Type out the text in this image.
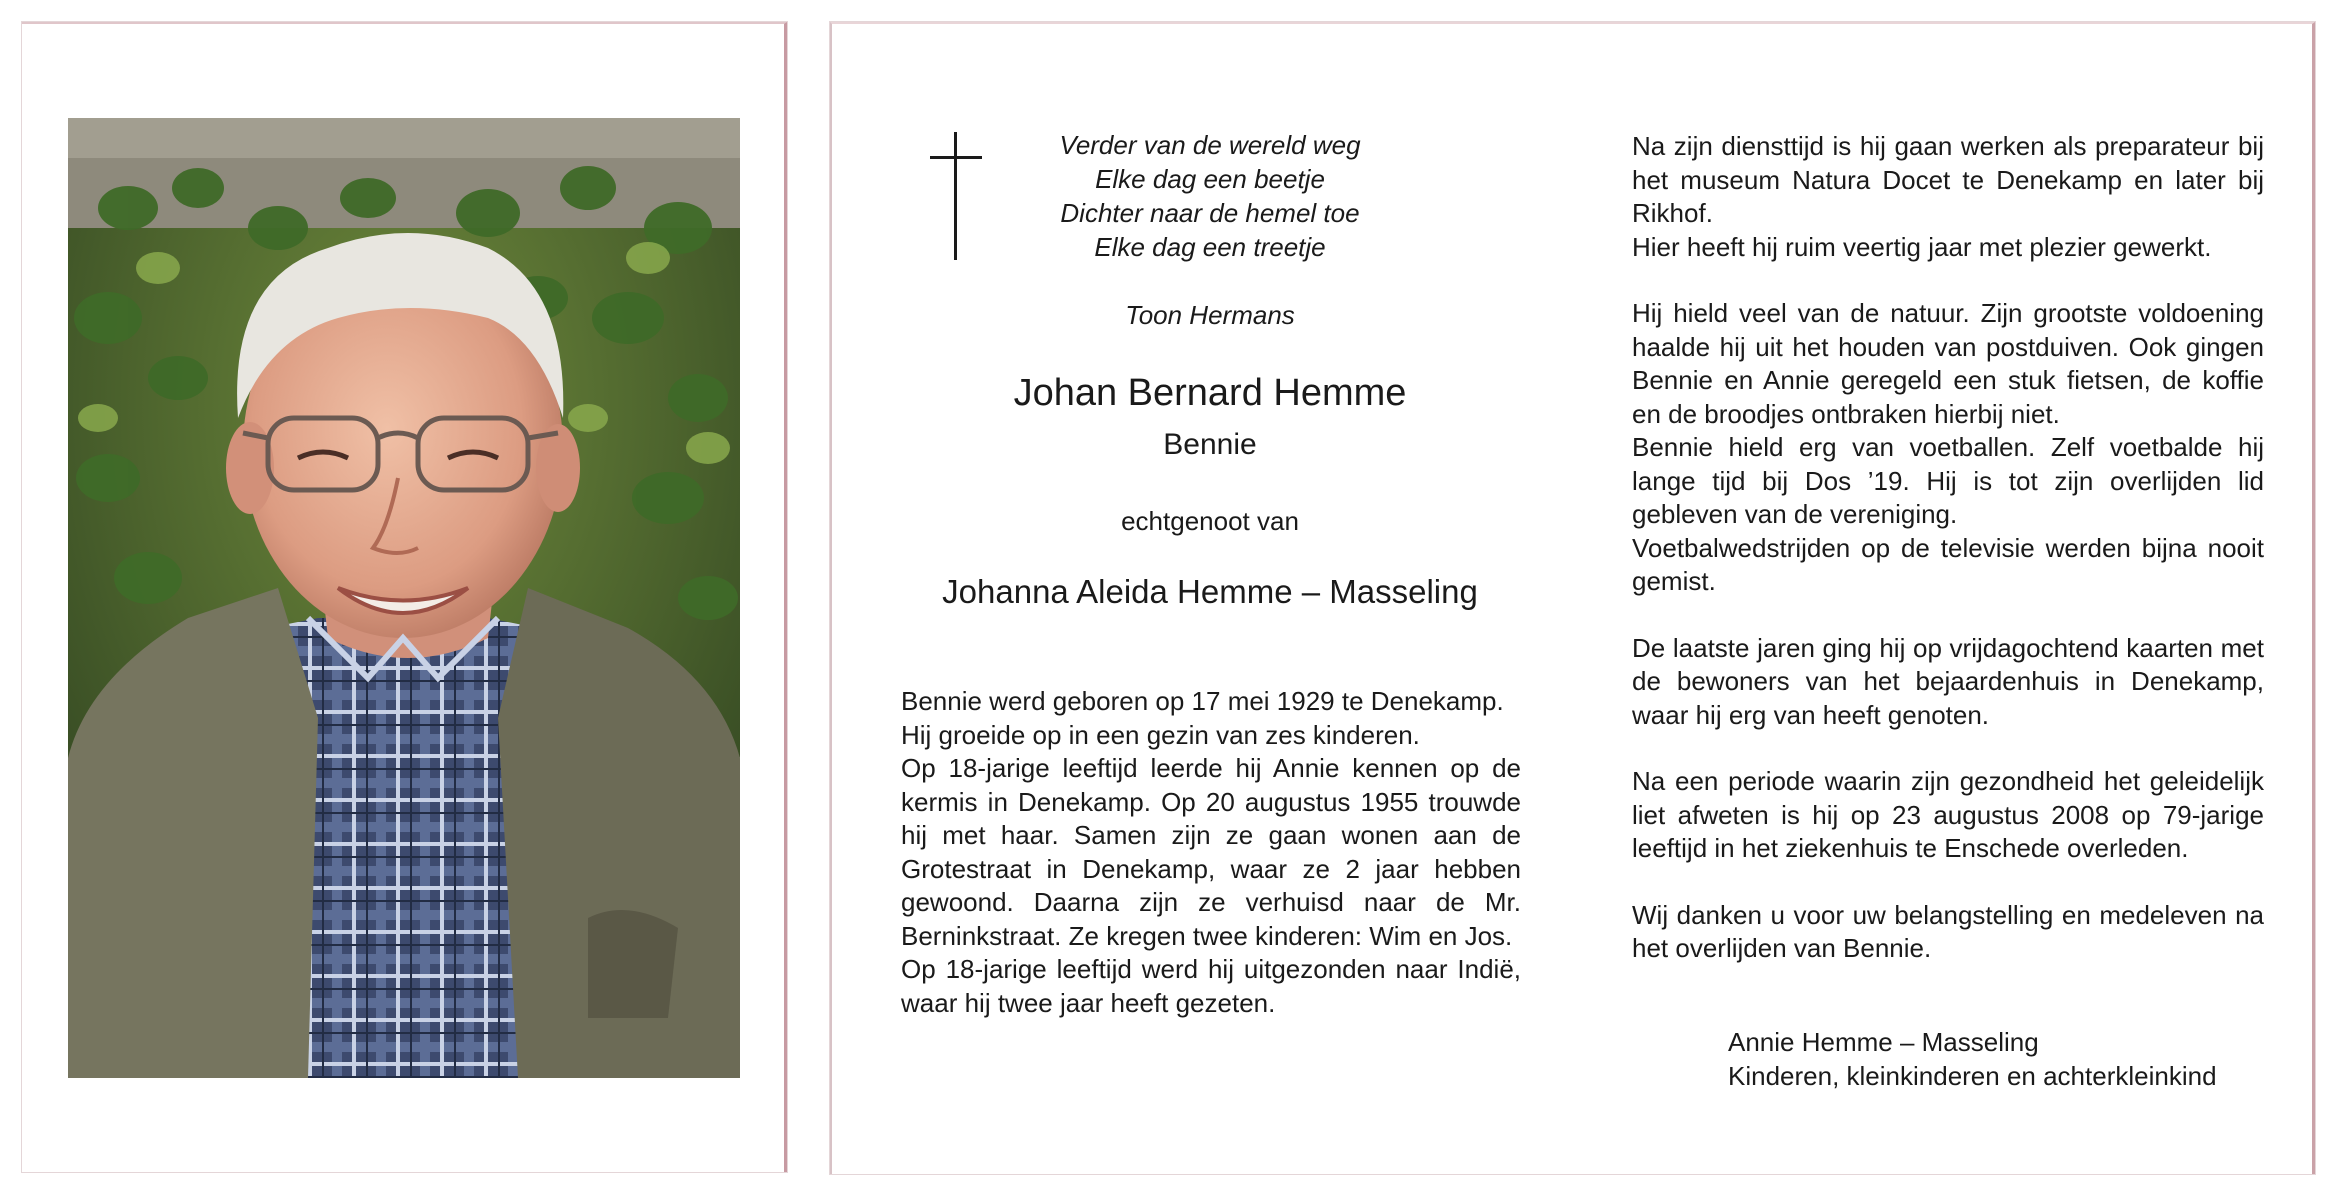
Verder van de wereld weg
Elke dag een beetje
Dichter naar de hemel toe
Elke dag een treetje
Toon Hermans
Johan Bernard Hemme
Bennie
echtgenoot van
Johanna Aleida Hemme – Masseling

Bennie werd geboren op 17 mei 1929 te Denekamp.

Hij groeide op in een gezin van zes kinderen.

Op 18-jarige leeftijd leerde hij Annie kennen op de kermis in Denekamp. Op 20 augustus 1955 trouwde hij met haar. Samen zijn ze gaan wonen aan de Grotestraat in Denekamp, waar ze 2 jaar hebben gewoond. Daarna zijn ze verhuisd naar de Mr. Berninkstraat. Ze kregen twee kinderen: Wim en Jos.

Op 18-jarige leeftijd werd hij uitgezonden naar Indië, waar hij twee jaar heeft gezeten.

Na zijn diensttijd is hij gaan werken als preparateur bij het museum Natura Docet te Denekamp en later bij Rikhof.

Hier heeft hij ruim veertig jaar met plezier gewerkt.

Hij hield veel van de natuur. Zijn grootste voldoening haalde hij uit het houden van postduiven. Ook gingen Bennie en Annie geregeld een stuk fietsen, de koffie en de broodjes ontbraken hierbij niet.

Bennie hield erg van voetballen. Zelf voetbalde hij lange tijd bij Dos ’19. Hij is tot zijn overlijden lid gebleven van de vereniging.

Voetbalwedstrijden op de televisie werden bijna nooit gemist.

De laatste jaren ging hij op vrijdagochtend kaarten met de bewoners van het bejaardenhuis in Denekamp, waar hij erg van heeft genoten.

Na een periode waarin zijn gezondheid het geleidelijk liet afweten is hij op 23 augustus 2008 op 79-jarige leeftijd in het ziekenhuis te Enschede overleden.

Wij danken u voor uw belangstelling en medeleven na het overlijden van Bennie.

Annie Hemme – Masseling
Kinderen, kleinkinderen en achterkleinkind
